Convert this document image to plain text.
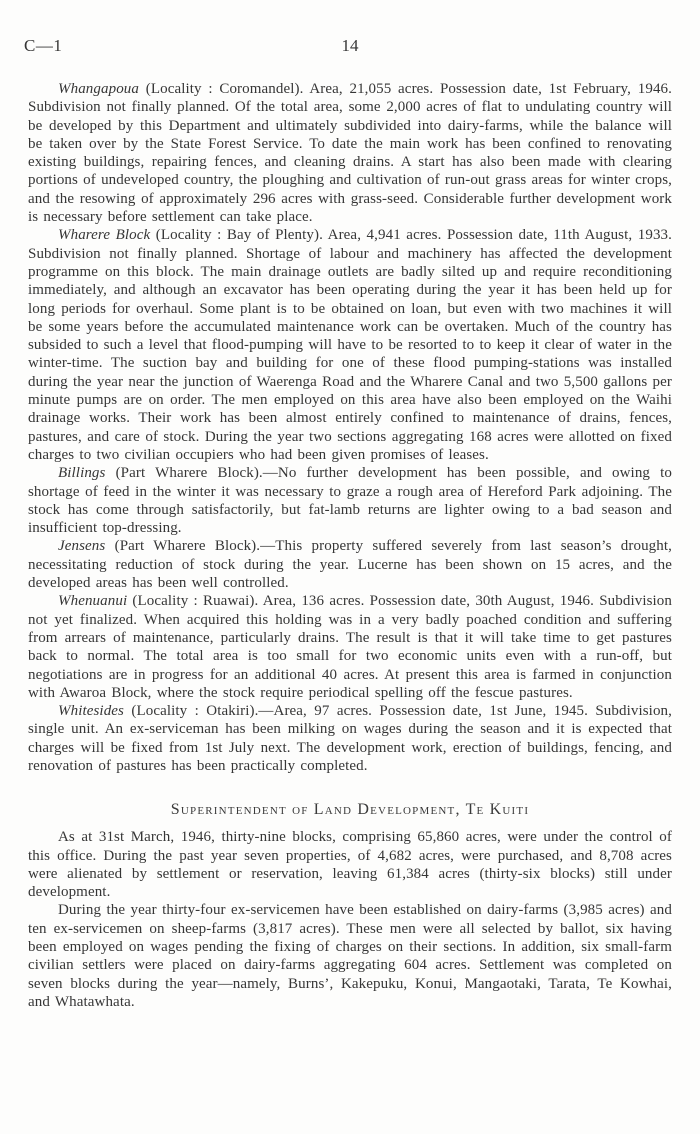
C—1	14

Whangapoua (Locality : Coromandel). Area, 21,055 acres. Possession date, 1st February, 1946. Subdivision not finally planned. Of the total area, some 2,000 acres of flat to undulating country will be developed by this Department and ultimately subdivided into dairy-farms, while the balance will be taken over by the State Forest Service. To date the main work has been confined to renovating existing buildings, repairing fences, and cleaning drains. A start has also been made with clearing portions of undeveloped country, the ploughing and cultivation of run-out grass areas for winter crops, and the resowing of approximately 296 acres with grass-seed. Considerable further development work is necessary before settlement can take place.

Wharere Block (Locality : Bay of Plenty). Area, 4,941 acres. Possession date, 11th August, 1933. Subdivision not finally planned. Shortage of labour and machinery has affected the development programme on this block. The main drainage outlets are badly silted up and require reconditioning immediately, and although an excavator has been operating during the year it has been held up for long periods for overhaul. Some plant is to be obtained on loan, but even with two machines it will be some years before the accumulated maintenance work can be overtaken. Much of the country has subsided to such a level that flood-pumping will have to be resorted to to keep it clear of water in the winter-time. The suction bay and building for one of these flood pumping-stations was installed during the year near the junction of Waerenga Road and the Wharere Canal and two 5,500 gallons per minute pumps are on order. The men employed on this area have also been employed on the Waihi drainage works. Their work has been almost entirely confined to maintenance of drains, fences, pastures, and care of stock. During the year two sections aggregating 168 acres were allotted on fixed charges to two civilian occupiers who had been given promises of leases.

Billings (Part Wharere Block).—No further development has been possible, and owing to shortage of feed in the winter it was necessary to graze a rough area of Hereford Park adjoining. The stock has come through satisfactorily, but fat-lamb returns are lighter owing to a bad season and insufficient top-dressing.

Jensens (Part Wharere Block).—This property suffered severely from last season’s drought, necessitating reduction of stock during the year. Lucerne has been shown on 15 acres, and the developed areas has been well controlled.

Whenuanui (Locality : Ruawai). Area, 136 acres. Possession date, 30th August, 1946. Subdivision not yet finalized. When acquired this holding was in a very badly poached condition and suffering from arrears of maintenance, particularly drains. The result is that it will take time to get pastures back to normal. The total area is too small for two economic units even with a run-off, but negotiations are in progress for an additional 40 acres. At present this area is farmed in conjunction with Awaroa Block, where the stock require periodical spelling off the fescue pastures.

Whitesides (Locality : Otakiri).—Area, 97 acres. Possession date, 1st June, 1945. Subdivision, single unit. An ex-serviceman has been milking on wages during the season and it is expected that charges will be fixed from 1st July next. The development work, erection of buildings, fencing, and renovation of pastures has been practically completed.

Superintendent of Land Development, Te Kuiti

As at 31st March, 1946, thirty-nine blocks, comprising 65,860 acres, were under the control of this office. During the past year seven properties, of 4,682 acres, were purchased, and 8,708 acres were alienated by settlement or reservation, leaving 61,384 acres (thirty-six blocks) still under development.

During the year thirty-four ex-servicemen have been established on dairy-farms (3,985 acres) and ten ex-servicemen on sheep-farms (3,817 acres). These men were all selected by ballot, six having been employed on wages pending the fixing of charges on their sections. In addition, six small-farm civilian settlers were placed on dairy-farms aggregating 604 acres. Settlement was completed on seven blocks during the year—namely, Burns’, Kakepuku, Konui, Mangaotaki, Tarata, Te Kowhai, and Whatawhata.
